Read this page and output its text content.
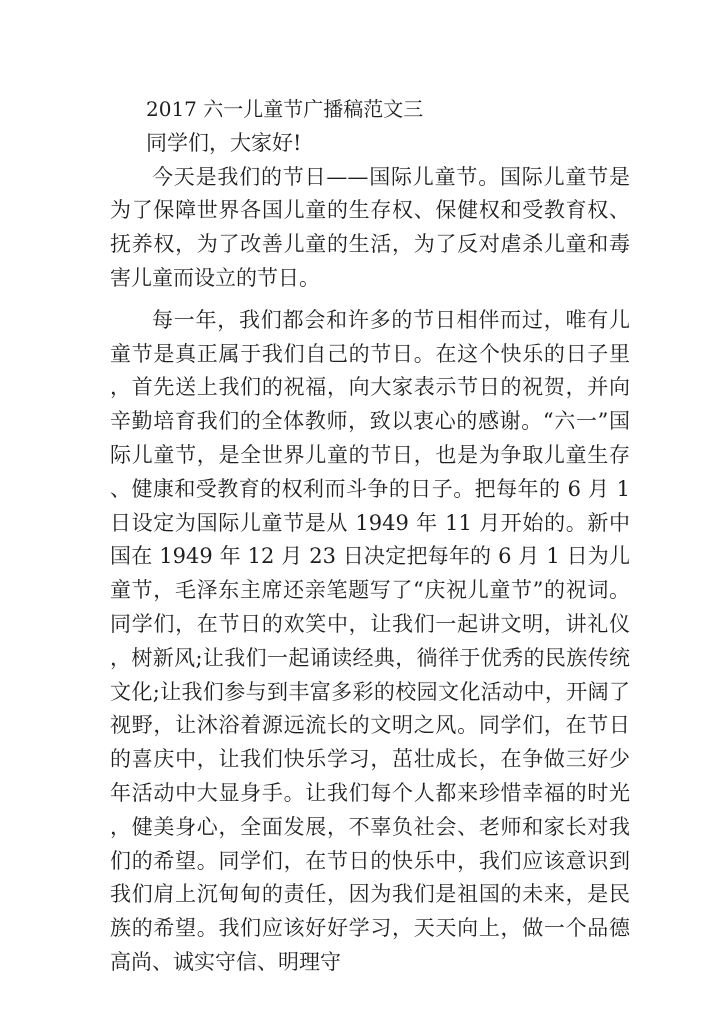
2017 六一儿童节广播稿范文三

同学们，大家好!

今天是我们的节日——国际儿童节。国际儿童节是为了保障世界各国儿童的生存权、保健权和受教育权、抚养权，为了改善儿童的生活，为了反对虐杀儿童和毒害儿童而设立的节日。

每一年，我们都会和许多的节日相伴而过，唯有儿童节是真正属于我们自己的节日。在这个快乐的日子里，首先送上我们的祝福，向大家表示节日的祝贺，并向辛勤培育我们的全体教师，致以衷心的感谢。“六一”国际儿童节，是全世界儿童的节日，也是为争取儿童生存、健康和受教育的权利而斗争的日子。把每年的 6 月 1 日设定为国际儿童节是从 1949 年 11 月开始的。新中国在 1949 年 12 月 23 日决定把每年的 6 月 1 日为儿童节，毛泽东主席还亲笔题写了“庆祝儿童节”的祝词。同学们，在节日的欢笑中，让我们一起讲文明，讲礼仪，树新风;让我们一起诵读经典，徜徉于优秀的民族传统文化;让我们参与到丰富多彩的校园文化活动中，开阔了视野，让沐浴着源远流长的文明之风。同学们，在节日的喜庆中，让我们快乐学习，茁壮成长，在争做三好少年活动中大显身手。让我们每个人都来珍惜幸福的时光，健美身心，全面发展，不辜负社会、老师和家长对我们的希望。同学们，在节日的快乐中，我们应该意识到我们肩上沉甸甸的责任，因为我们是祖国的未来，是民族的希望。我们应该好好学习，天天向上，做一个品德高尚、诚实守信、明理守
